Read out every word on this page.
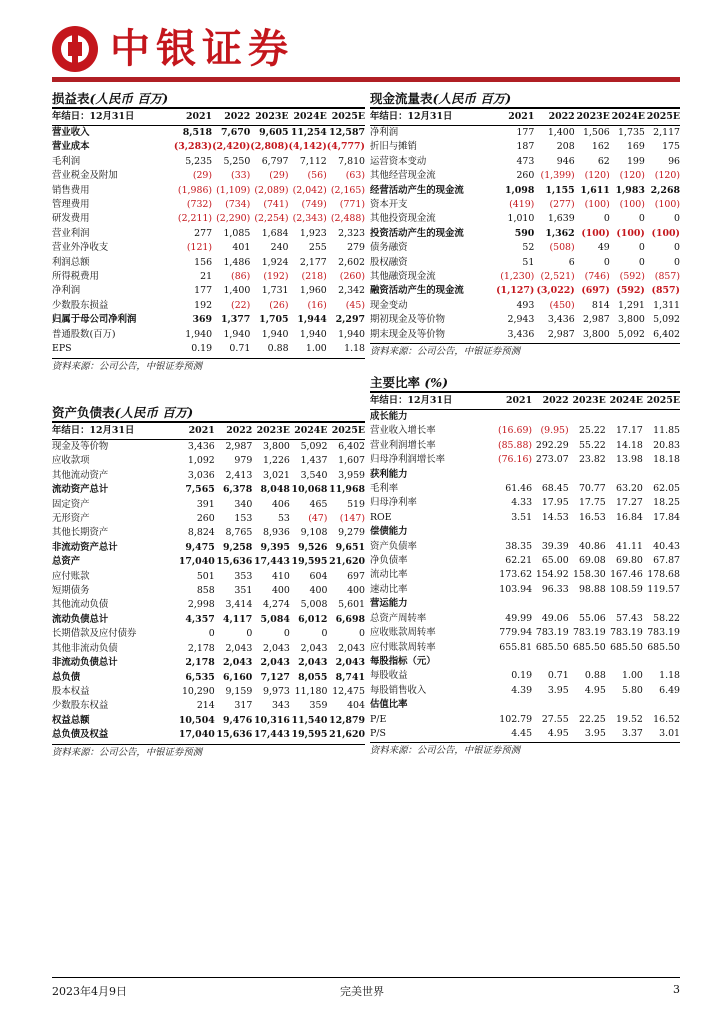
中银证券
损益表(人民币 百万)
年结日：12月31日	2021	2022	2023E	2024E	2025E
营业收入	8,518	7,670	9,605	11,254	12,587
营业成本	(3,283)	(2,420)	(2,808)	(4,142)	(4,777)
毛利润	5,235	5,250	6,797	7,112	7,810
营业税金及附加	(29)	(33)	(29)	(56)	(63)
销售费用	(1,986)	(1,109)	(2,089)	(2,042)	(2,165)
管理费用	(732)	(734)	(741)	(749)	(771)
研发费用	(2,211)	(2,290)	(2,254)	(2,343)	(2,488)
营业利润	277	1,085	1,684	1,923	2,323
营业外净收支	(121)	401	240	255	279
利润总额	156	1,486	1,924	2,177	2,602
所得税费用	21	(86)	(192)	(218)	(260)
净利润	177	1,400	1,731	1,960	2,342
少数股东损益	192	(22)	(26)	(16)	(45)
归属于母公司净利润	369	1,377	1,705	1,944	2,297
普通股数(百万)	1,940	1,940	1,940	1,940	1,940
EPS	0.19	0.71	0.88	1.00	1.18
资料来源：公司公告，中银证券预测
现金流量表(人民币 百万)
年结日：12月31日	2021	2022	2023E	2024E	2025E
净利润	177	1,400	1,506	1,735	2,117
折旧与摊销	187	208	162	169	175
运营资本变动	473	946	62	199	96
其他经营现金流	260	(1,399)	(120)	(120)	(120)
经营活动产生的现金流	1,098	1,155	1,611	1,983	2,268
资本开支	(419)	(277)	(100)	(100)	(100)
其他投资现金流	1,010	1,639	0	0	0
投资活动产生的现金流	590	1,362	(100)	(100)	(100)
债务融资	52	(508)	49	0	0
股权融资	51	6	0	0	0
其他融资现金流	(1,230)	(2,521)	(746)	(592)	(857)
融资活动产生的现金流	(1,127)	(3,022)	(697)	(592)	(857)
现金变动	493	(450)	814	1,291	1,311
期初现金及等价物	2,943	3,436	2,987	3,800	5,092
期末现金及等价物	3,436	2,987	3,800	5,092	6,402
资料来源：公司公告，中银证券预测
资产负债表(人民币 百万)
年结日：12月31日	2021	2022	2023E	2024E	2025E
现金及等价物	3,436	2,987	3,800	5,092	6,402
应收款项	1,092	979	1,226	1,437	1,607
其他流动资产	3,036	2,413	3,021	3,540	3,959
流动资产总计	7,565	6,378	8,048	10,068	11,968
固定资产	391	340	406	465	519
无形资产	260	153	53	(47)	(147)
其他长期资产	8,824	8,765	8,936	9,108	9,279
非流动资产总计	9,475	9,258	9,395	9,526	9,651
总资产	17,040	15,636	17,443	19,595	21,620
应付账款	501	353	410	604	697
短期债务	858	351	400	400	400
其他流动负债	2,998	3,414	4,274	5,008	5,601
流动负债总计	4,357	4,117	5,084	6,012	6,698
长期借款及应付债券	0	0	0	0	0
其他非流动负债	2,178	2,043	2,043	2,043	2,043
非流动负债总计	2,178	2,043	2,043	2,043	2,043
总负债	6,535	6,160	7,127	8,055	8,741
股本权益	10,290	9,159	9,973	11,180	12,475
少数股东权益	214	317	343	359	404
权益总额	10,504	9,476	10,316	11,540	12,879
总负债及权益	17,040	15,636	17,443	19,595	21,620
资料来源：公司公告，中银证券预测
主要比率 (%)
年结日：12月31日	2021	2022	2023E	2024E	2025E
成长能力					
营业收入增长率	(16.69)	(9.95)	25.22	17.17	11.85
营业利润增长率	(85.88)	292.29	55.22	14.18	20.83
归母净利润增长率	(76.16)	273.07	23.82	13.98	18.18
获利能力					
毛利率	61.46	68.45	70.77	63.20	62.05
归母净利率	4.33	17.95	17.75	17.27	18.25
ROE	3.51	14.53	16.53	16.84	17.84
偿债能力					
资产负债率	38.35	39.39	40.86	41.11	40.43
净负债率	62.21	65.00	69.08	69.80	67.87
流动比率	173.62	154.92	158.30	167.46	178.68
速动比率	103.94	96.33	98.88	108.59	119.57
营运能力					
总资产周转率	49.99	49.06	55.06	57.43	58.22
应收账款周转率	779.94	783.19	783.19	783.19	783.19
应付账款周转率	655.81	685.50	685.50	685.50	685.50
每股指标（元）					
每股收益	0.19	0.71	0.88	1.00	1.18
每股销售收入	4.39	3.95	4.95	5.80	6.49
估值比率					
P/E	102.79	27.55	22.25	19.52	16.52
P/S	4.45	4.95	3.95	3.37	3.01
资料来源：公司公告，中银证券预测
2023年4月9日	完美世界	3
